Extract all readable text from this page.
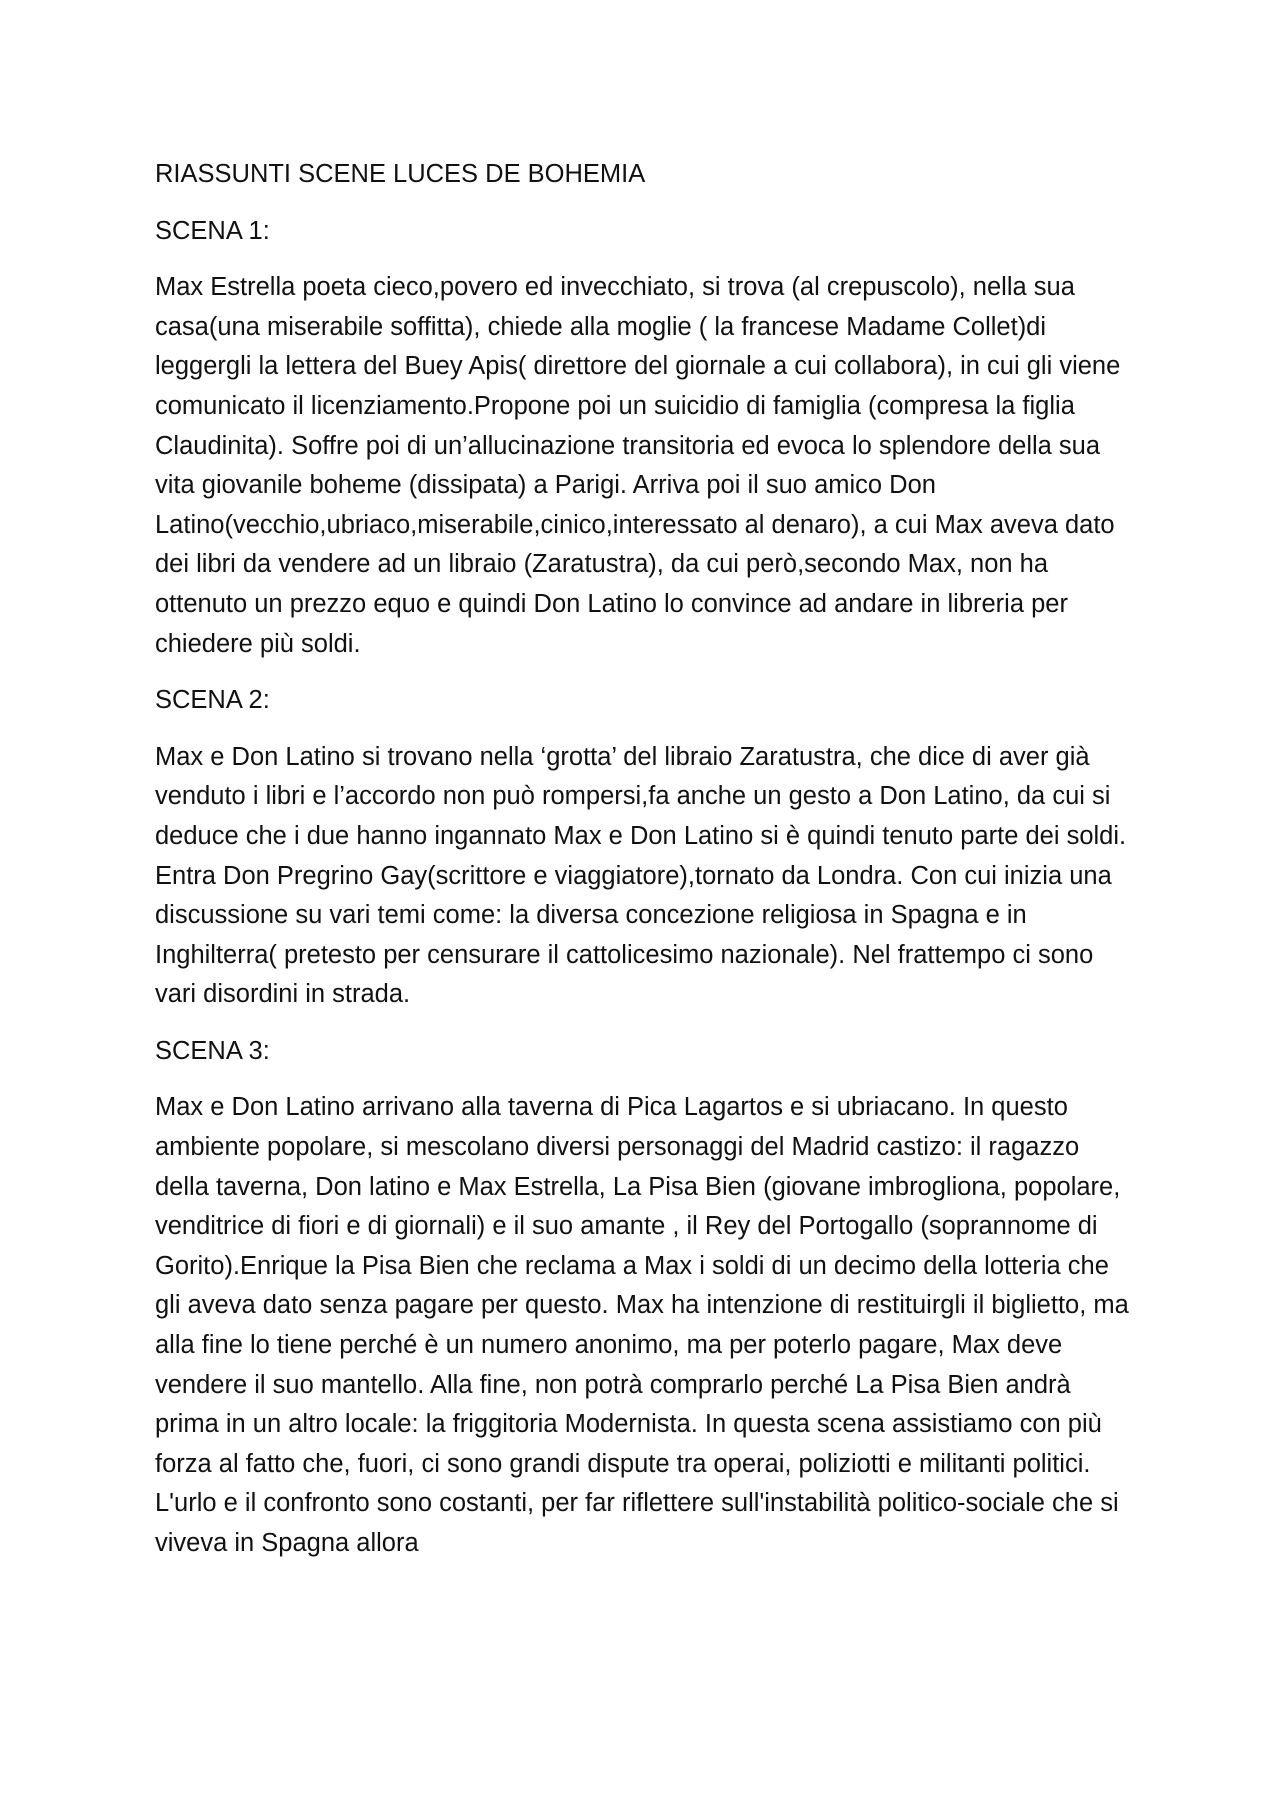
RIASSUNTI SCENE LUCES DE BOHEMIA

SCENA 1:

Max Estrella poeta cieco,povero ed invecchiato, si trova (al crepuscolo), nella sua casa(una miserabile soffitta), chiede alla moglie ( la francese Madame Collet)di leggergli la lettera del Buey Apis( direttore del giornale a cui collabora), in cui gli viene comunicato il licenziamento.Propone poi un suicidio di famiglia (compresa la figlia Claudinita). Soffre poi di un’allucinazione transitoria ed evoca lo splendore della sua vita giovanile boheme (dissipata) a Parigi. Arriva poi il suo amico Don Latino(vecchio,ubriaco,miserabile,cinico,interessato al denaro), a cui Max aveva dato dei libri da vendere ad un libraio (Zaratustra), da cui però,secondo Max, non ha ottenuto un prezzo equo e quindi Don Latino lo convince ad andare in libreria per chiedere più soldi.

SCENA 2:

Max e Don Latino si trovano nella ‘grotta’ del libraio Zaratustra, che dice di aver già venduto i libri e l’accordo non può rompersi,fa anche un gesto a Don Latino, da cui si deduce che i due hanno ingannato Max e Don Latino si è quindi tenuto parte dei soldi. Entra Don Pregrino Gay(scrittore e viaggiatore),tornato da Londra. Con cui inizia una discussione su vari temi come: la diversa concezione religiosa in Spagna e in Inghilterra( pretesto per censurare il cattolicesimo nazionale). Nel frattempo ci sono vari disordini in strada.

SCENA 3:

Max e Don Latino arrivano alla taverna di Pica Lagartos e si ubriacano. In questo ambiente popolare, si mescolano diversi personaggi del Madrid castizo: il ragazzo della taverna, Don latino e Max Estrella, La Pisa Bien (giovane imbrogliona, popolare, venditrice di fiori e di giornali) e il suo amante , il Rey del Portogallo (soprannome di Gorito).Enrique la Pisa Bien che reclama a Max i soldi di un decimo della lotteria che gli aveva dato senza pagare per questo. Max ha intenzione di restituirgli il biglietto, ma alla fine lo tiene perché è un numero anonimo, ma per poterlo pagare, Max deve vendere il suo mantello. Alla fine, non potrà comprarlo perché La Pisa Bien andrà prima in un altro locale: la friggitoria Modernista. In questa scena assistiamo con più forza al fatto che, fuori, ci sono grandi dispute tra operai, poliziotti e militanti politici. L'urlo e il confronto sono costanti, per far riflettere sull'instabilità politico-sociale che si viveva in Spagna allora
